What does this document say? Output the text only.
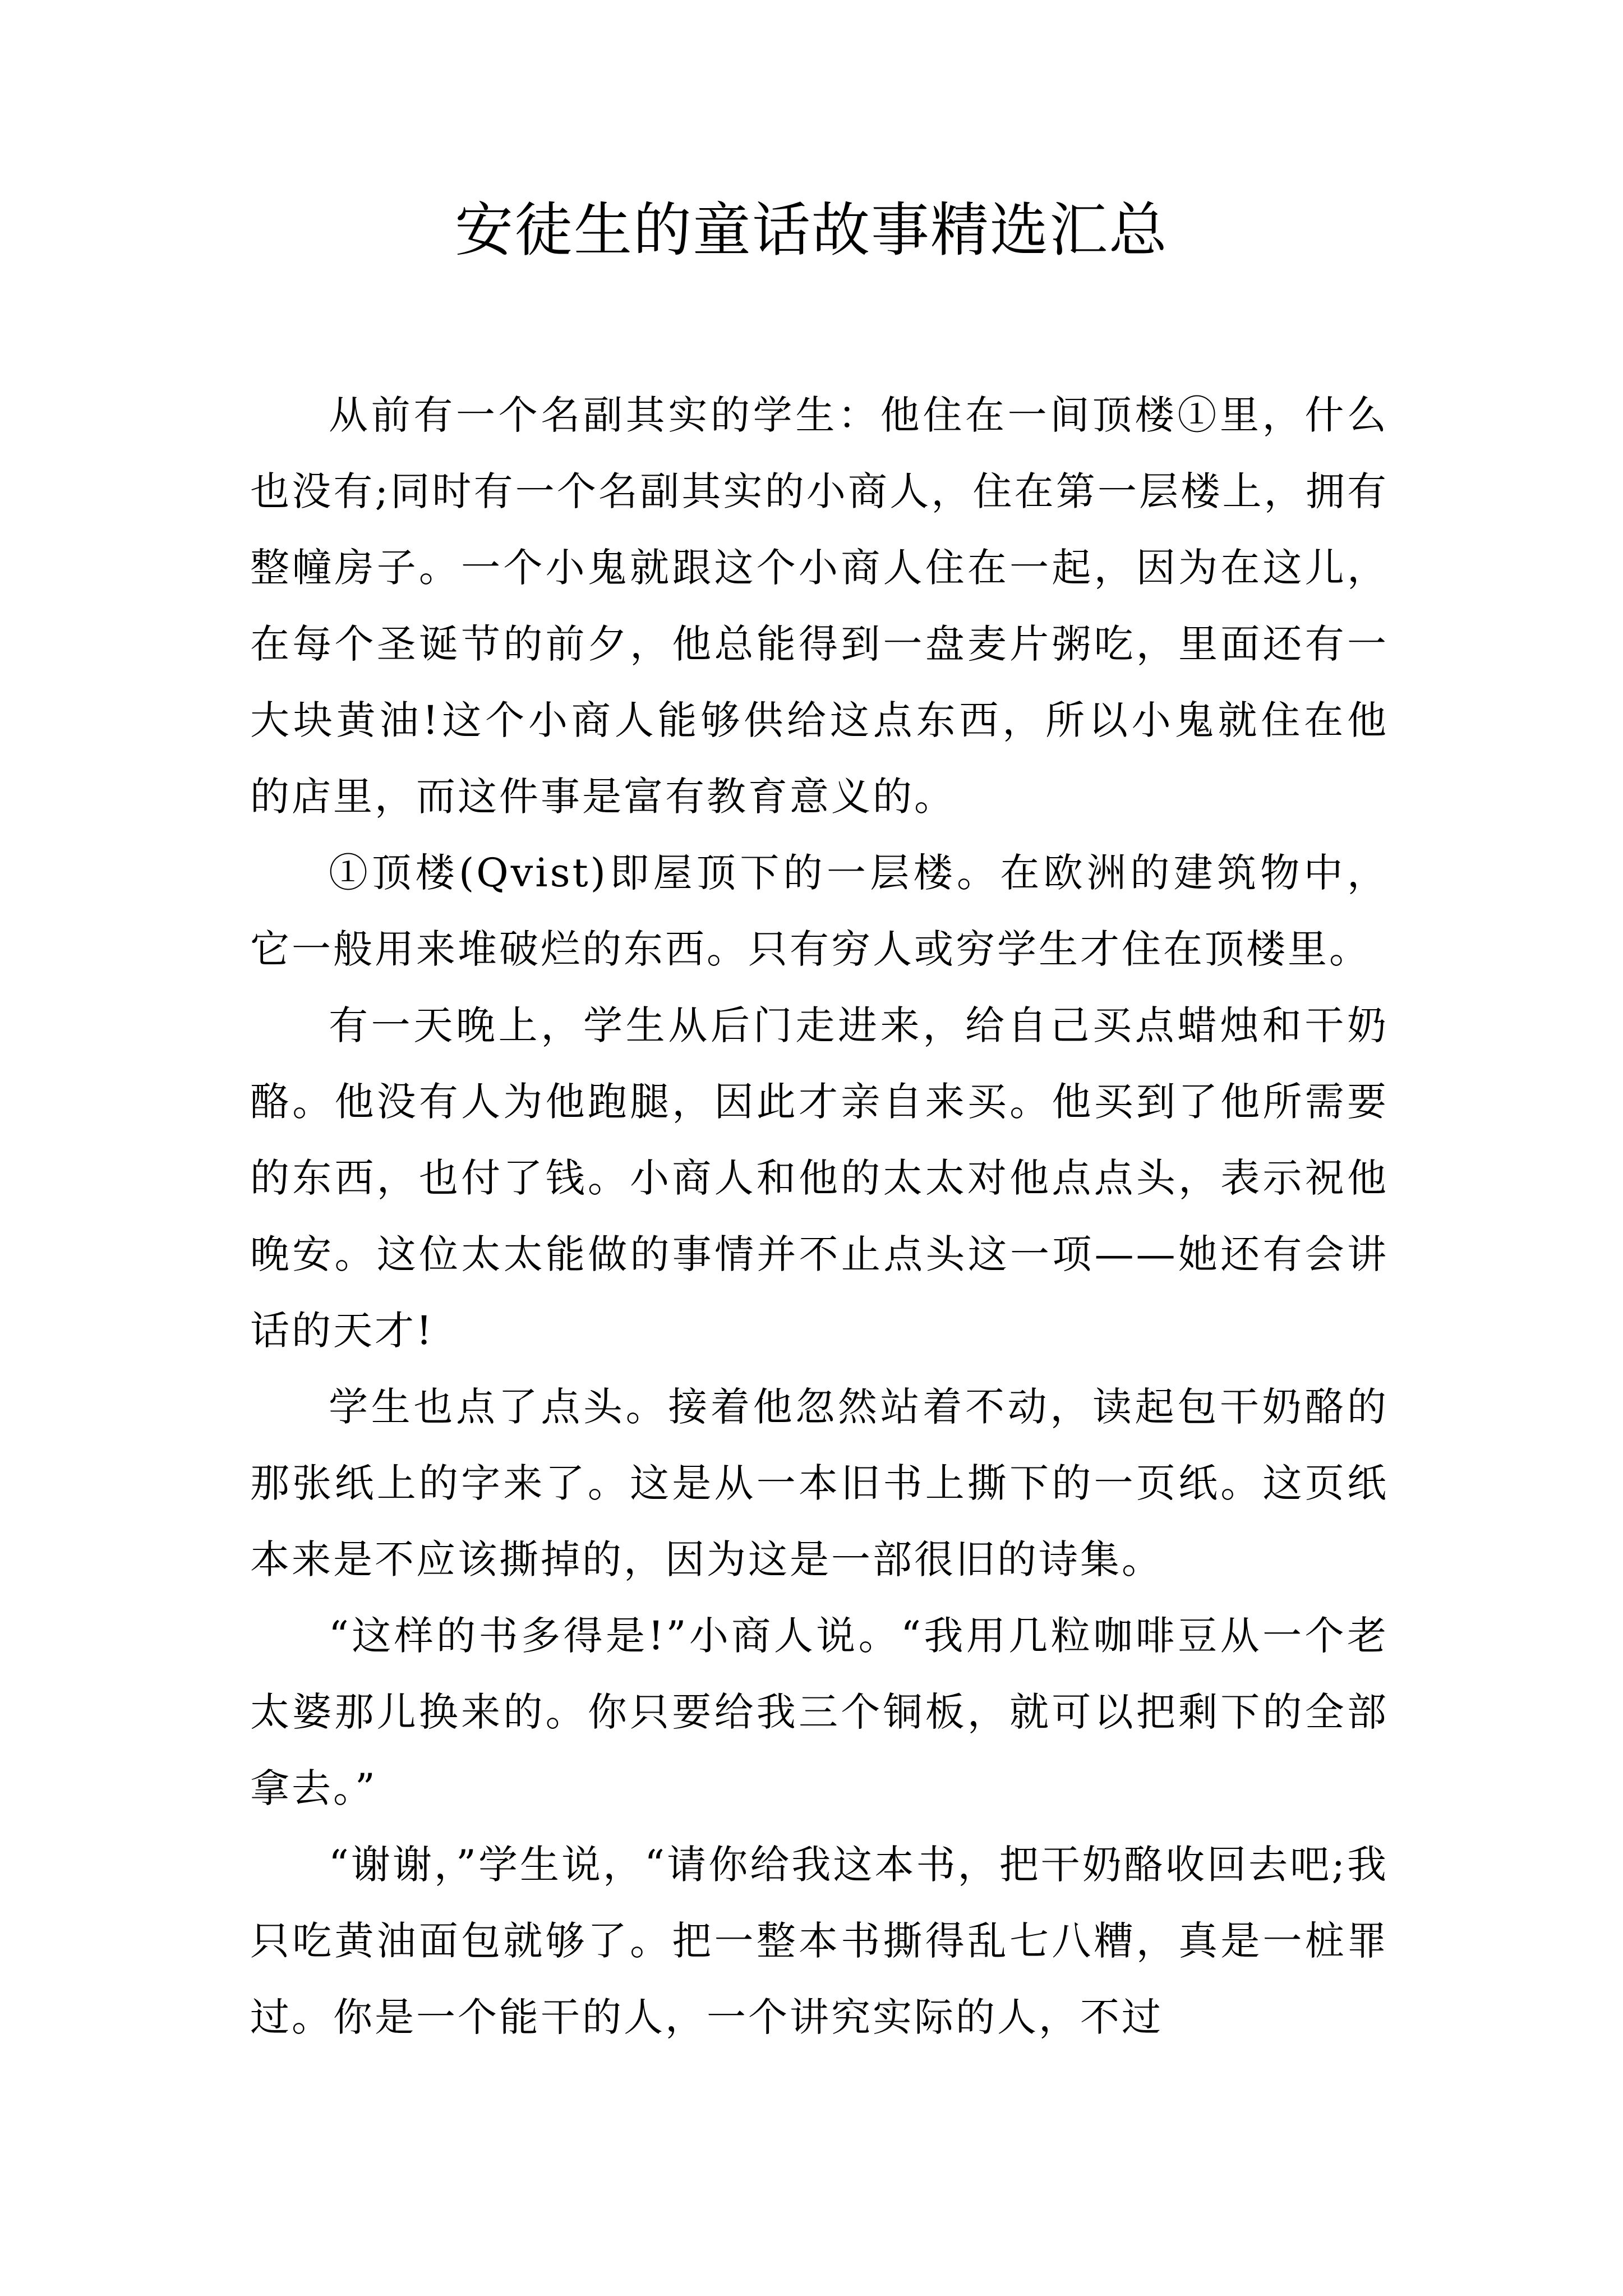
安徒生的童话故事精选汇总

从前有一个名副其实的学生：他住在一间顶楼①里，什么也没有;同时有一个名副其实的小商人，住在第一层楼上，拥有整幢房子。一个小鬼就跟这个小商人住在一起，因为在这儿，在每个圣诞节的前夕，他总能得到一盘麦片粥吃，里面还有一大块黄油!这个小商人能够供给这点东西，所以小鬼就住在他的店里，而这件事是富有教育意义的。

①顶楼(Qvist)即屋顶下的一层楼。在欧洲的建筑物中，它一般用来堆破烂的东西。只有穷人或穷学生才住在顶楼里。

有一天晚上，学生从后门走进来，给自己买点蜡烛和干奶酪。他没有人为他跑腿，因此才亲自来买。他买到了他所需要的东西，也付了钱。小商人和他的太太对他点点头，表示祝他晚安。这位太太能做的事情并不止点头这一项——她还有会讲话的天才!

学生也点了点头。接着他忽然站着不动，读起包干奶酪的那张纸上的字来了。这是从一本旧书上撕下的一页纸。这页纸本来是不应该撕掉的，因为这是一部很旧的诗集。

“这样的书多得是!”小商人说。“我用几粒咖啡豆从一个老太婆那儿换来的。你只要给我三个铜板，就可以把剩下的全部拿去。”

“谢谢，”学生说，“请你给我这本书，把干奶酪收回去吧;我只吃黄油面包就够了。把一整本书撕得乱七八糟，真是一桩罪过。你是一个能干的人，一个讲究实际的人，不过
